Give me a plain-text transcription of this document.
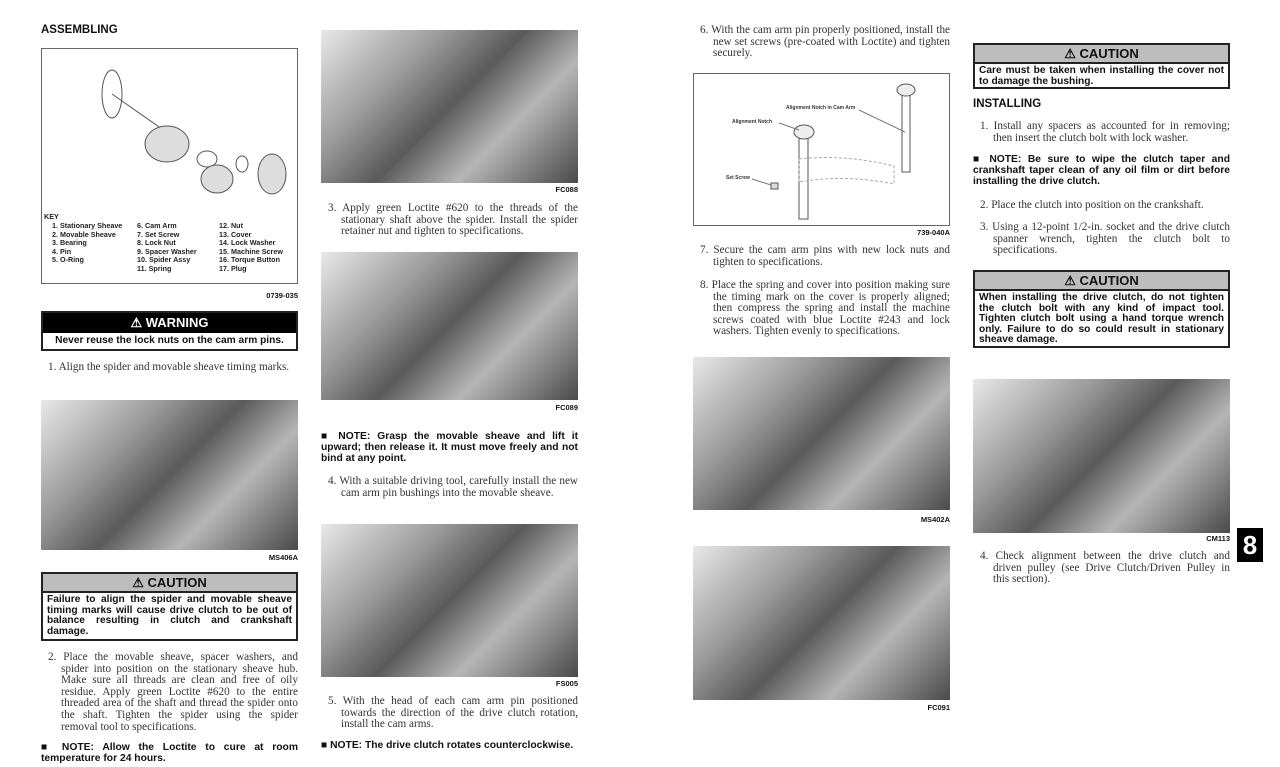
ASSEMBLING
KEY
1. Stationary Sheave
2. Movable Sheave
3. Bearing
4. Pin
5. O-Ring
6. Cam Arm
7. Set Screw
8. Lock Nut
9. Spacer Washer
10. Spider Assy
11. Spring
12. Nut
13. Cover
14. Lock Washer
15. Machine Screw
16. Torque Button
17. Plug
0739-035
⚠ WARNING
Never reuse the lock nuts on the cam arm pins.
1. Align the spider and movable sheave timing marks.
MS406A
⚠ CAUTION
Failure to align the spider and movable sheave timing marks will cause drive clutch to be out of balance resulting in clutch and crankshaft damage.
2. Place the movable sheave, spacer washers, and spider into position on the stationary sheave hub. Make sure all threads are clean and free of oily residue. Apply green Loctite #620 to the entire threaded area of the shaft and thread the spider onto the shaft. Tighten the spider using the spider removal tool to specifications.
■ NOTE: Allow the Loctite to cure at room temperature for 24 hours.
FC088
3. Apply green Loctite #620 to the threads of the stationary shaft above the spider. Install the spider retainer nut and tighten to specifications.
FC089
■ NOTE: Grasp the movable sheave and lift it upward; then release it. It must move freely and not bind at any point.
4. With a suitable driving tool, carefully install the new cam arm pin bushings into the movable sheave.
FS005
5. With the head of each cam arm pin positioned towards the direction of the drive clutch rotation, install the cam arms.
■ NOTE: The drive clutch rotates counterclockwise.
6. With the cam arm pin properly positioned, install the new set screws (pre-coated with Loctite) and tighten securely.
Alignment Notch in Cam Arm
Alignment Notch
Set Screw
739-040A
7. Secure the cam arm pins with new lock nuts and tighten to specifications.
8. Place the spring and cover into position making sure the timing mark on the cover is properly aligned; then compress the spring and install the machine screws coated with blue Loctite #243 and lock washers. Tighten evenly to specifications.
MS402A
FC091
⚠ CAUTION
Care must be taken when installing the cover not to damage the bushing.
INSTALLING
1. Install any spacers as accounted for in removing; then insert the clutch bolt with lock washer.
■ NOTE: Be sure to wipe the clutch taper and crankshaft taper clean of any oil film or dirt before installing the drive clutch.
2. Place the clutch into position on the crankshaft.
3. Using a 12-point 1/2-in. socket and the drive clutch spanner wrench, tighten the clutch bolt to specifications.
⚠ CAUTION
When installing the drive clutch, do not tighten the clutch bolt with any kind of impact tool. Tighten clutch bolt using a hand torque wrench only. Failure to do so could result in stationary sheave damage.
CM113 8
4. Check alignment between the drive clutch and driven pulley (see Drive Clutch/Driven Pulley in this section).
